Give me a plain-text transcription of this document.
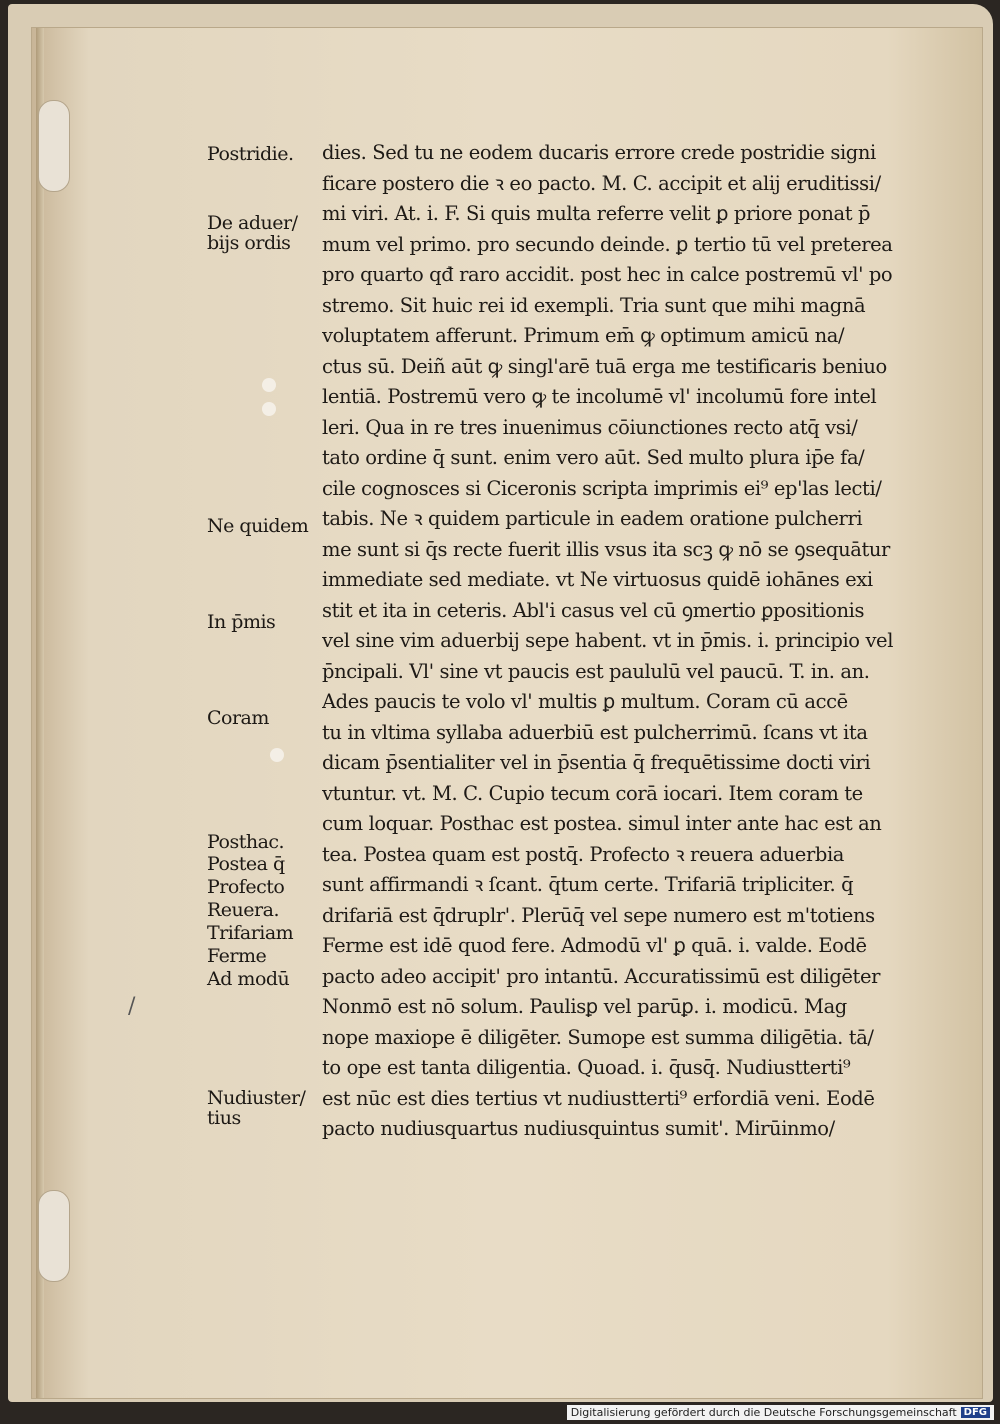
Postridie.
De aduer/ bijs ordis
Ne quidem
In p̄mis
Coram
Posthac.
Postea q̄
Profecto
Reuera.
Trifariam
Ferme
Ad modū
Nudiuster/ tius
/
dies. Sed tu ne eodem ducaris errore crede postridie signi
ficare postero die ꝛ eo pacto. M. C. accipit et alij eruditissi/
mi viri. At. i. F. Si quis multa referre velit ꝑ priore ponat p̄
mum vel primo. pro secundo deinde. ꝑ tertio tū vel preterea
pro quarto qđ raro accidit. post hec in calce postremū vl' po
stremo. Sit huic rei id exempli. Tria sunt que mihi magnā
voluptatem afferunt. Primum em̄ ꝙ optimum amicū na/
ctus sū. Deiñ aūt ꝙ singl'arē tuā erga me testificaris beniuo
lentiā. Postremū vero ꝙ te incolumē vl' incolumū fore intel
leri. Qua in re tres inuenimus cōiunctiones recto atq̄ vsi/
tato ordine q̄ sunt. enim vero aūt. Sed multo plura ip̄e fa/
cile cognosces si Ciceronis scripta imprimis ei⁹ ep'las lecti/
tabis. Ne ꝛ quidem particule in eadem oratione pulcherri
me sunt si q̄s recte fuerit illis vsus ita scꝫ ꝙ nō se ꝯsequātur
immediate sed mediate. vt Ne virtuosus quidē iohānes exi
stit et ita in ceteris. Abl'i casus vel cū ꝯmertio ꝑpositionis
vel sine vim aduerbij sepe habent. vt in p̄mis. i. principio vel
p̄ncipali. Vl' sine vt paucis est paululū vel paucū. T. in. an.
Ades paucis te volo vl' multis ꝑ multum. Coram cū accē
tu in vltima syllaba aduerbiū est pulcherrimū. ſcans vt ita
dicam p̄sentialiter vel in p̄sentia q̄ frequētissime docti viri
vtuntur. vt. M. C. Cupio tecum corā iocari. Item coram te
cum loquar. Posthac est postea. simul inter ante hac est an
tea. Postea quam est postq̄. Profecto ꝛ reuera aduerbia
sunt affirmandi ꝛ ſcant. q̄tum certe. Trifariā tripliciter. q̄
drifariā est q̄druplr'. Plerūq̄ vel sepe numero est m'totiens
Ferme est idē quod fere. Admodū vl' ꝑ quā. i. valde. Eodē
pacto adeo accipit' pro intantū. Accuratissimū est diligēter
Nonmō est nō solum. Paulisꝑ vel parūꝑ. i. modicū. Mag
nope maxiope ē diligēter. Sumope est summa diligētia. tā/
to ope est tanta diligentia. Quoad. i. q̄usq̄. Nudiustterti⁹
est nūc est dies tertius vt nudiustterti⁹ erfordiā veni. Eodē
pacto nudiusquartus nudiusquintus sumit'. Mirūinmo/
Digitalisierung gefördert durch die Deutsche Forschungsgemeinschaft DFG
